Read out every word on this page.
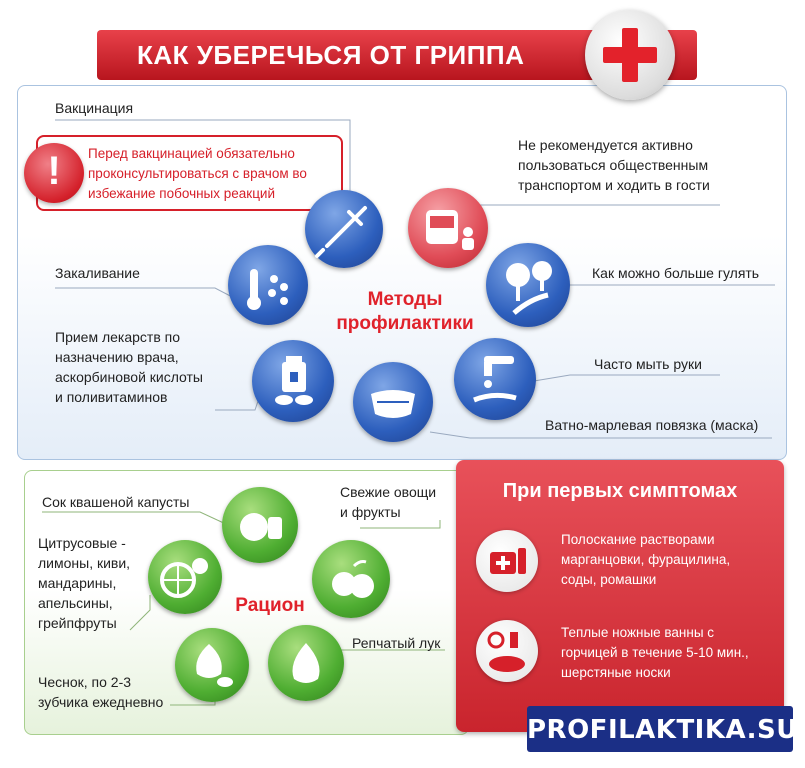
КАК УБЕРЕЧЬСЯ ОТ ГРИППА
Вакцинация
!	Перед вакцинацией обязательно
проконсультироваться с врачом во
избежание побочных реакций
Не рекомендуется активно
пользоваться общественным
транспортом и ходить в гости
Закаливание	Как можно больше гулять
Прием лекарств по
назначению врача,
аскорбиновой кислоты
и поливитаминов
Часто мыть руки
Ватно-марлевая повязка (маска)
Методы
профилактики
Сок квашеной капусты
Свежие овощи
и фрукты
Цитрусовые -
лимоны, киви,
мандарины,
апельсины,
грейпфруты
Репчатый лук
Чеснок, по 2-3
зубчика ежедневно
Рацион
При первых симптомах
Полоскание растворами
марганцовки, фурацилина,
соды, ромашки
Теплые ножные ванны с
горчицей в течение 5-10 мин.,
шерстяные носки
PROFILAKTIKA.SU
